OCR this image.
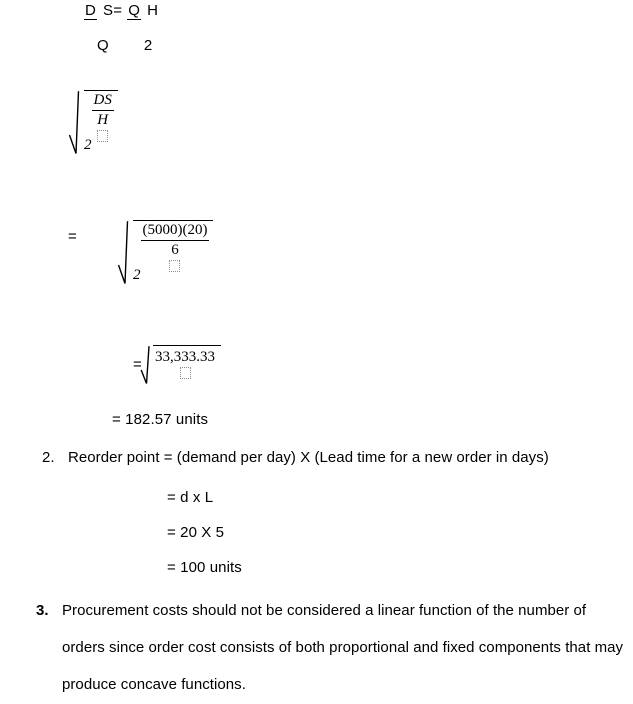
D S= Q H
Q 2
2
$\frac{DS}{H}$
=
2
$\frac{(5000)(20)}{6}$
= 33,333.33
= 182.57 units
2. Reorder point = (demand per day) X (Lead time for a new order in days)

= d x L
= 20 X 5
= 100 units
3. Procurement costs should not be considered a linear function of the number of orders since order cost consists of both proportional and fixed components that may produce concave functions.
